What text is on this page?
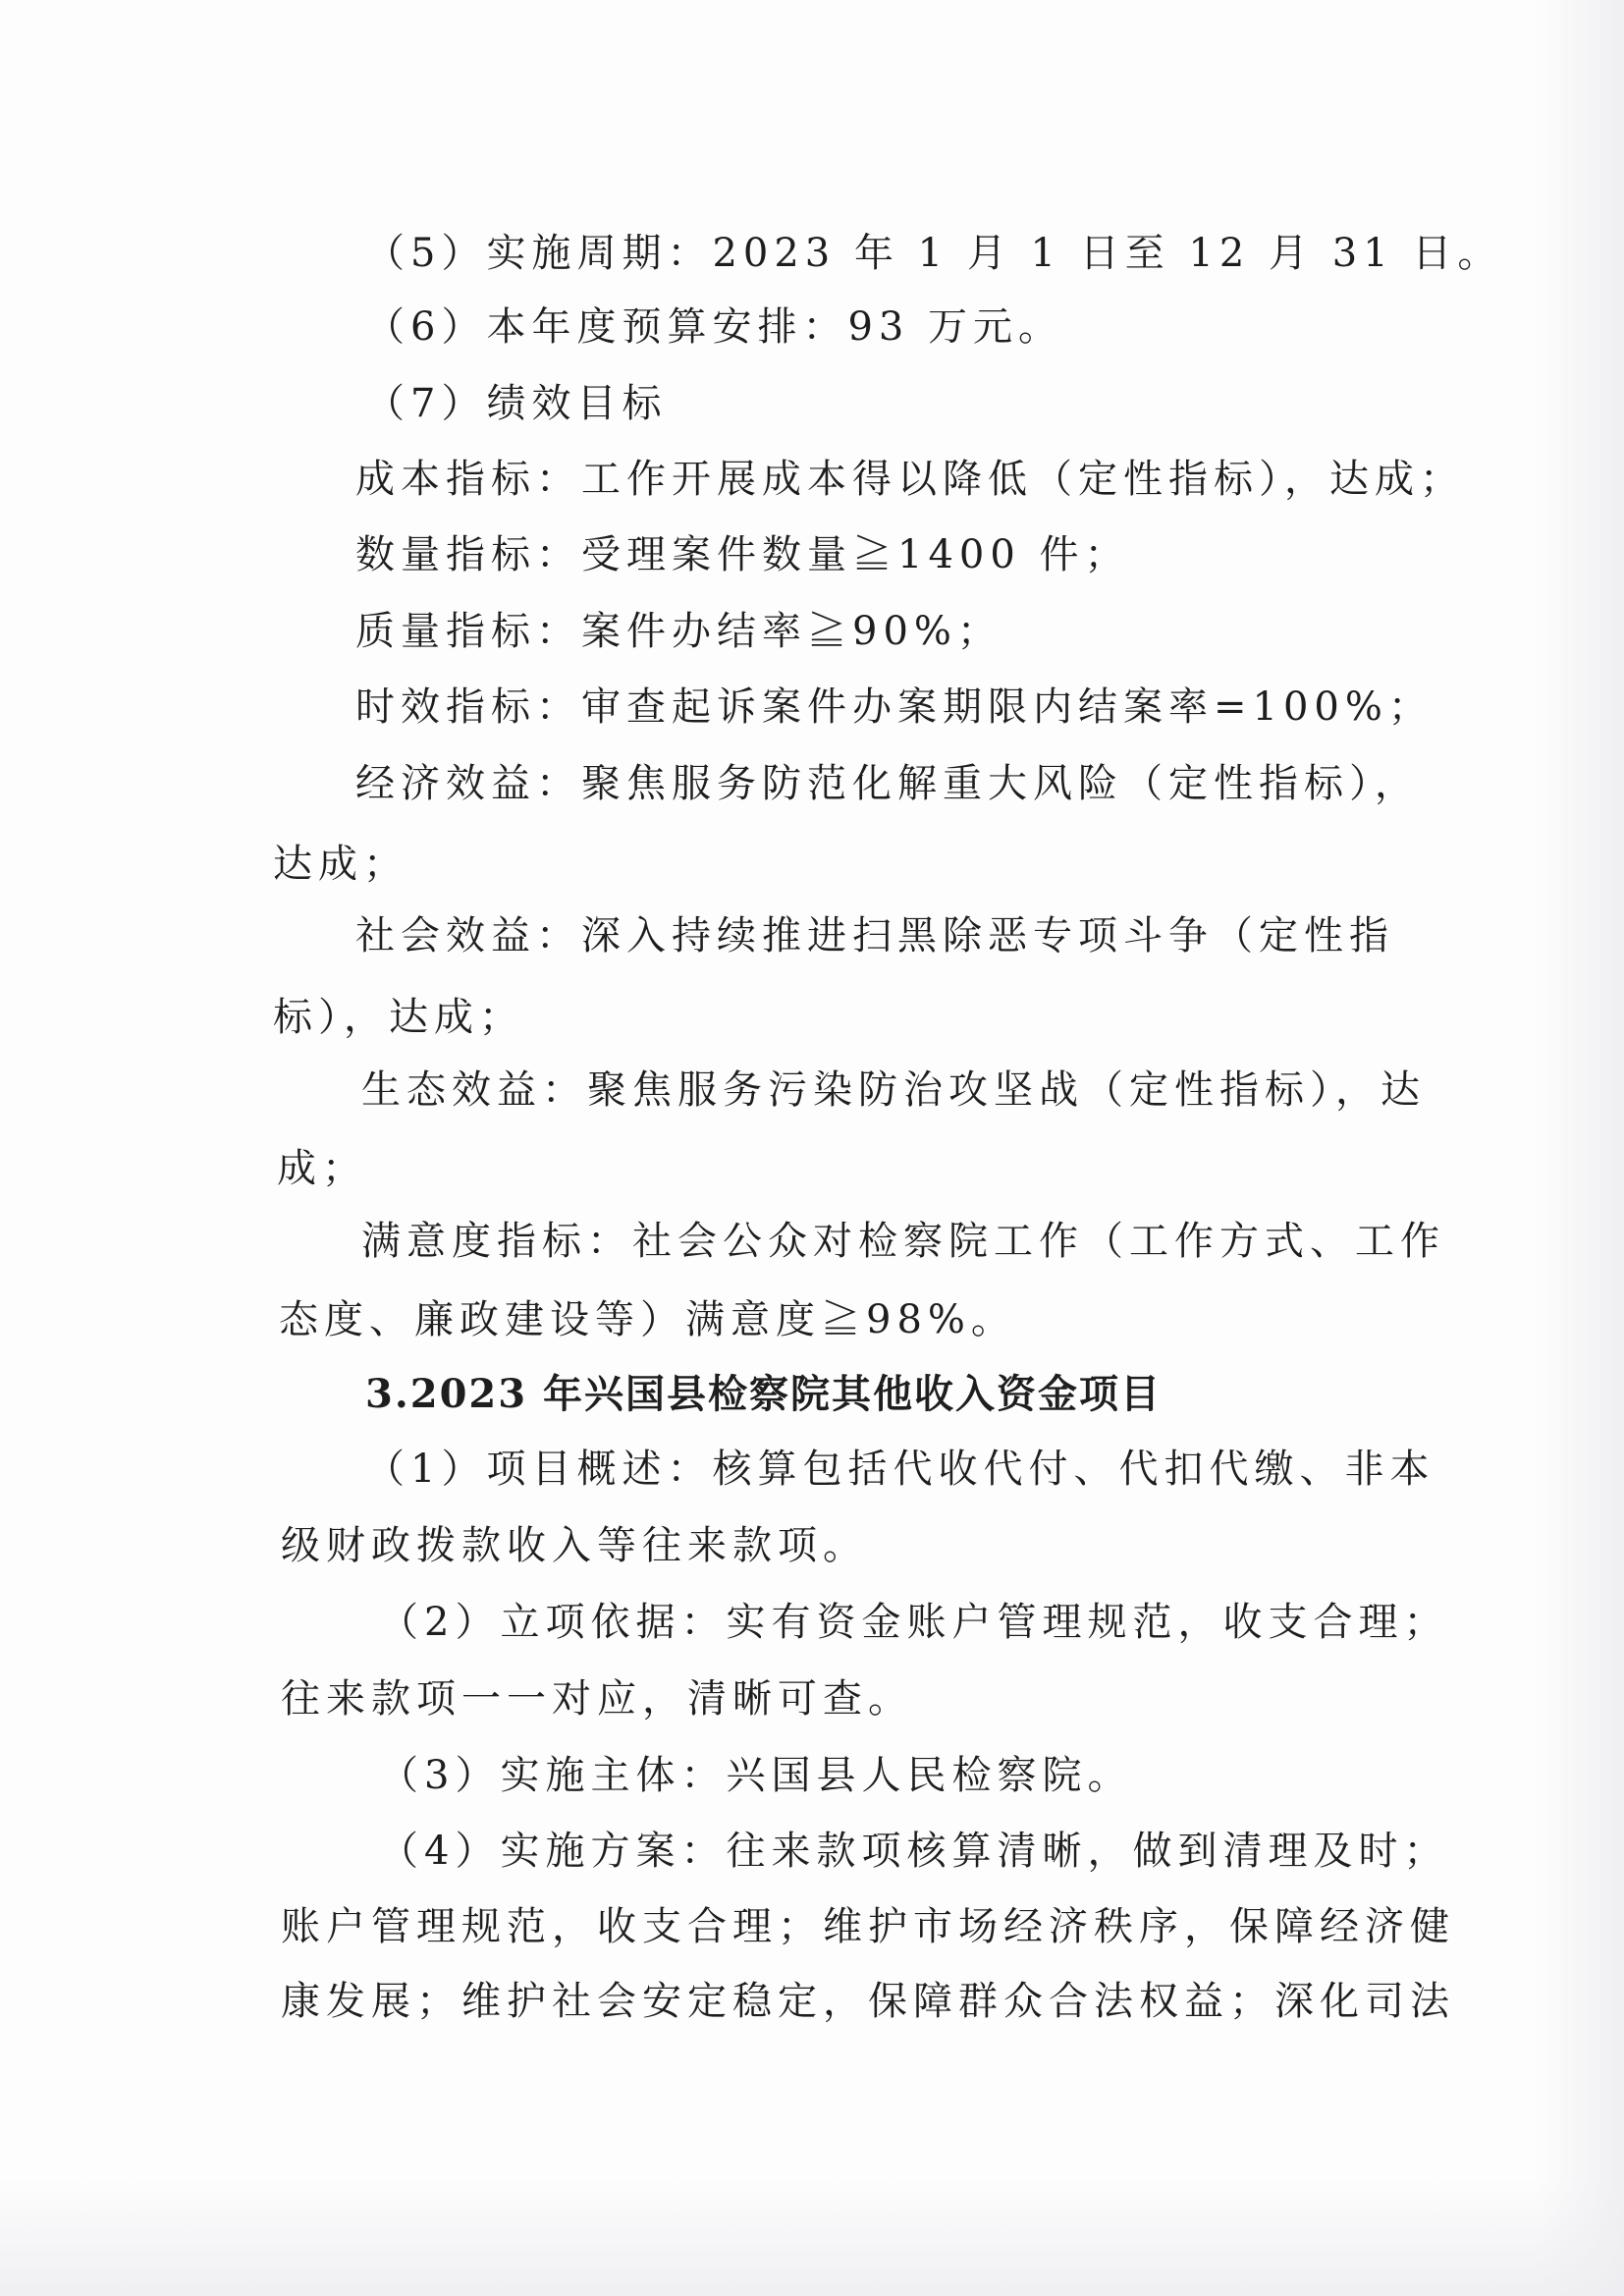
（5）实施周期：2023 年 1 月 1 日至 12 月 31 日。
（6）本年度预算安排：93 万元。
（7）绩效目标
成本指标：工作开展成本得以降低（定性指标），达成；
数量指标：受理案件数量≧1400 件；
质量指标：案件办结率≧90%；
时效指标：审查起诉案件办案期限内结案率=100%；
经济效益：聚焦服务防范化解重大风险（定性指标），
达成；
社会效益：深入持续推进扫黑除恶专项斗争（定性指
标），达成；
生态效益：聚焦服务污染防治攻坚战（定性指标），达
成；
满意度指标：社会公众对检察院工作（工作方式、工作
态度、廉政建设等）满意度≧98%。
3.2023 年兴国县检察院其他收入资金项目
（1）项目概述：核算包括代收代付、代扣代缴、非本
级财政拨款收入等往来款项。
（2）立项依据：实有资金账户管理规范，收支合理；
往来款项一一对应，清晰可查。
（3）实施主体：兴国县人民检察院。
（4）实施方案：往来款项核算清晰，做到清理及时；
账户管理规范，收支合理；维护市场经济秩序，保障经济健
康发展；维护社会安定稳定，保障群众合法权益；深化司法
